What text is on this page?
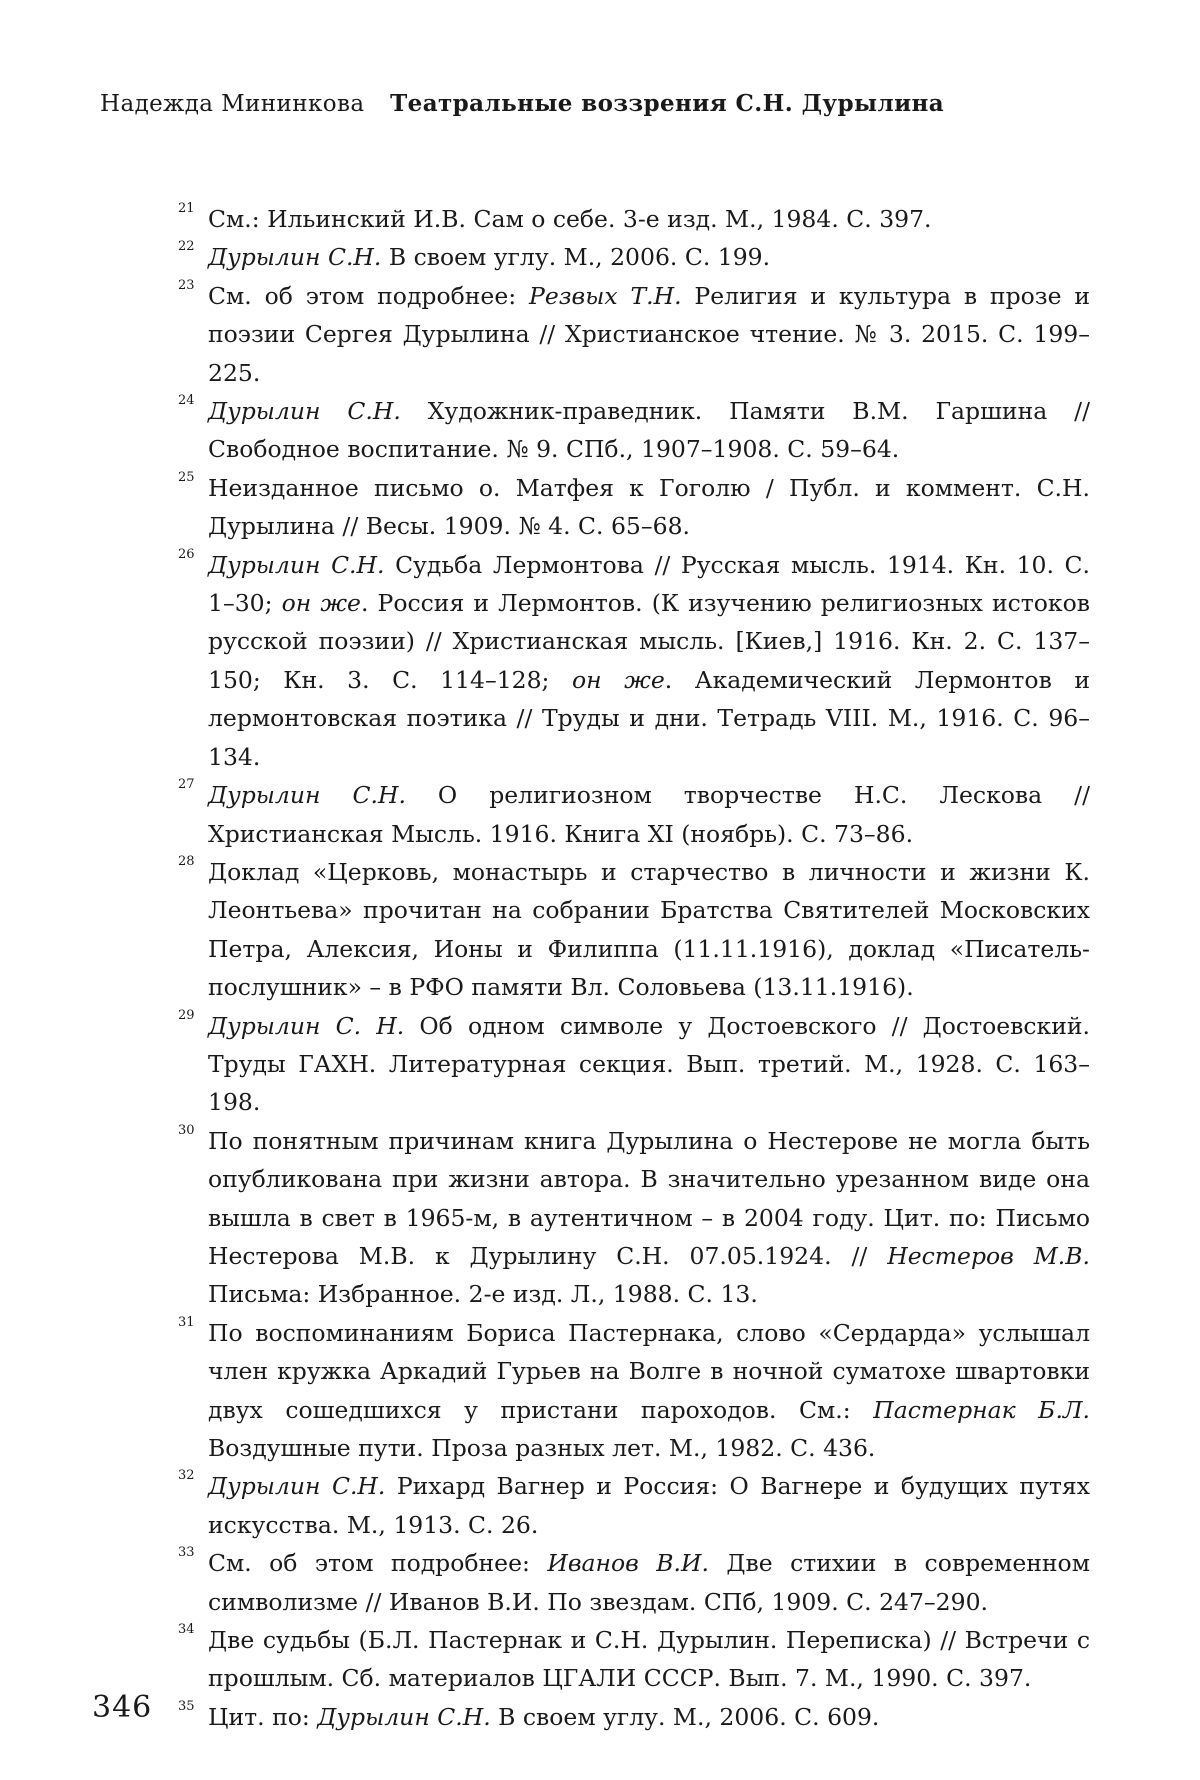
Надежда Мининкова Театральные воззрения С.Н. Дурылина
21 См.: Ильинский И.В. Сам о себе. 3-е изд. М., 1984. С. 397.
22 Дурылин С.Н. В своем углу. М., 2006. С. 199.
23 См. об этом подробнее: Резвых Т.Н. Религия и культура в прозе и поэзии Сергея Дурылина // Христианское чтение. № 3. 2015. С. 199–225.
24 Дурылин С.Н. Художник-праведник. Памяти В.М. Гаршина // Свободное воспитание. № 9. СПб., 1907–1908. С. 59–64.
25 Неизданное письмо о. Матфея к Гоголю / Публ. и коммент. С.Н. Дурылина // Весы. 1909. № 4. С. 65–68.
26 Дурылин С.Н. Судьба Лермонтова // Русская мысль. 1914. Кн. 10. С. 1–30; он же. Россия и Лермонтов. (К изучению религиозных истоков русской поэзии) // Христианская мысль. [Киев,] 1916. Кн. 2. С. 137–150; Кн. 3. С. 114–128; он же. Академический Лермонтов и лермонтовская поэтика // Труды и дни. Тетрадь VIII. М., 1916. С. 96–134.
27 Дурылин С.Н. О религиозном творчестве Н.С. Лескова // Христианская Мысль. 1916. Книга XI (ноябрь). С. 73–86.
28 Доклад «Церковь, монастырь и старчество в личности и жизни К. Леонтьева» прочитан на собрании Братства Святителей Московских Петра, Алексия, Ионы и Филиппа (11.11.1916), доклад «Писатель-послушник» – в РФО памяти Вл. Соловьева (13.11.1916).
29 Дурылин С. Н. Об одном символе у Достоевского // Достоевский. Труды ГАХН. Литературная секция. Вып. третий. М., 1928. С. 163–198.
30 По понятным причинам книга Дурылина о Нестерове не могла быть опубликована при жизни автора. В значительно урезанном виде она вышла в свет в 1965-м, в аутентичном – в 2004 году. Цит. по: Письмо Нестерова М.В. к Дурылину С.Н. 07.05.1924. // Нестеров М.В. Письма: Избранное. 2-е изд. Л., 1988. С. 13.
31 По воспоминаниям Бориса Пастернака, слово «Сердарда» услышал член кружка Аркадий Гурьев на Волге в ночной суматохе швартовки двух сошедшихся у пристани пароходов. См.: Пастернак Б.Л. Воздушные пути. Проза разных лет. М., 1982. С. 436.
32 Дурылин С.Н. Рихард Вагнер и Россия: О Вагнере и будущих путях искусства. М., 1913. С. 26.
33 См. об этом подробнее: Иванов В.И. Две стихии в современном символизме // Иванов В.И. По звездам. СПб, 1909. С. 247–290.
34 Две судьбы (Б.Л. Пастернак и С.Н. Дурылин. Переписка) // Встречи с прошлым. Сб. материалов ЦГАЛИ СССР. Вып. 7. М., 1990. С. 397.
35 Цит. по: Дурылин С.Н. В своем углу. М., 2006. С. 609.
346
